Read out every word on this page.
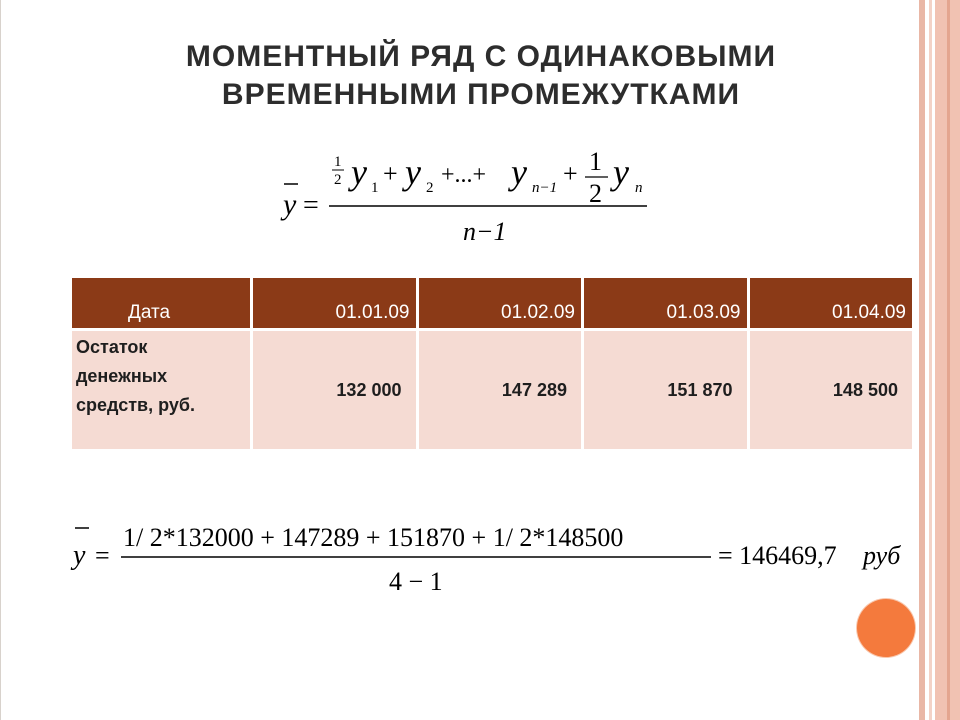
МОМЕНТНЫЙ РЯД С ОДИНАКОВЫМИ
ВРЕМЕННЫМИ ПРОМЕЖУТКАМИ
y =
1
2 y 1 + y 2 +...+ y n−1 + 1
2
y n
n−1
Дата	01.01.09	01.02.09	01.03.09	01.04.09

Остаток
денежных
средств, руб.	132 000	147 289	151 870	148 500
y =
1/ 2*132000 + 147289 + 151870 + 1/ 2*148500
4 − 1
= 146469,7 руб
